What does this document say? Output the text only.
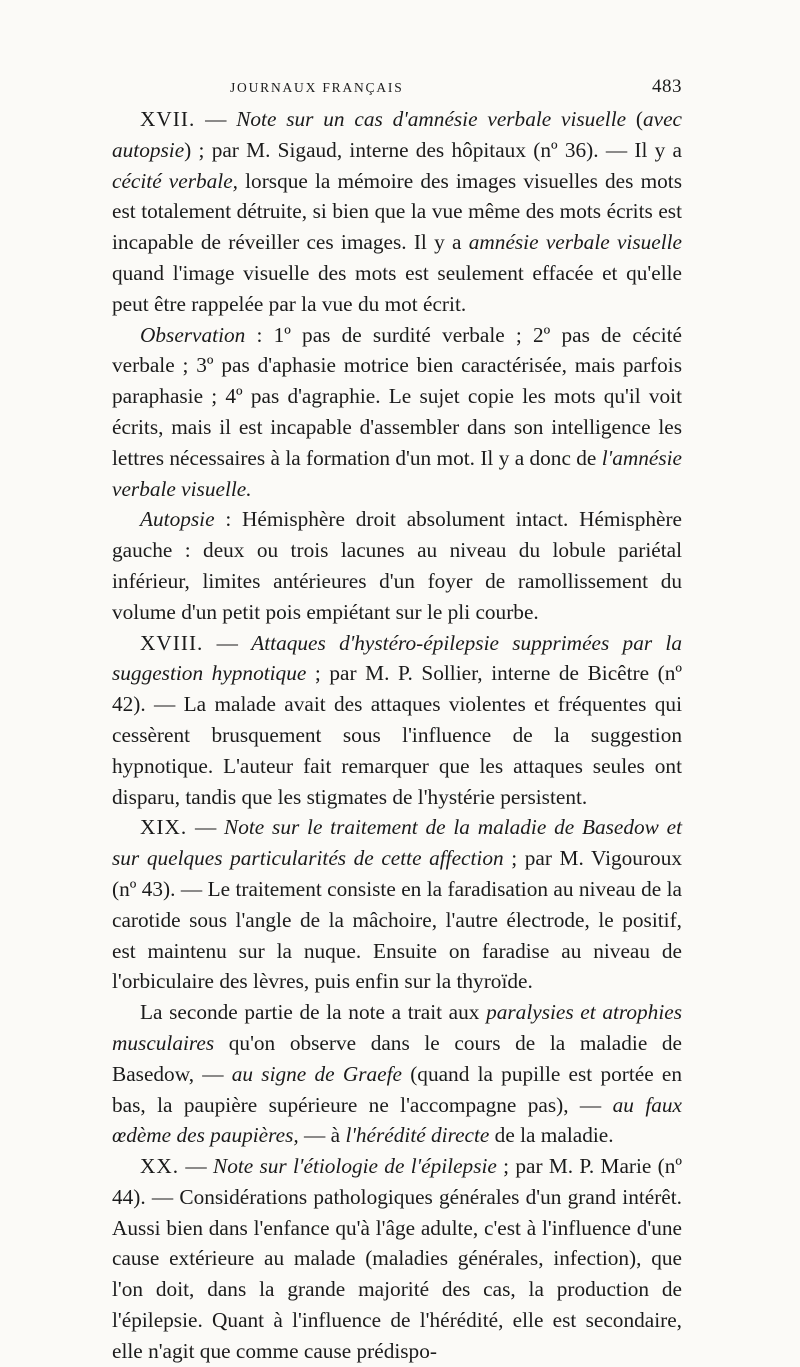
JOURNAUX FRANÇAIS	483

XVII. — Note sur un cas d'amnésie verbale visuelle (avec autopsie) ; par M. Sigaud, interne des hôpitaux (nº 36). — Il y a cécité verbale, lorsque la mémoire des images visuelles des mots est totalement détruite, si bien que la vue même des mots écrits est incapable de réveiller ces images. Il y a amnésie verbale visuelle quand l'image visuelle des mots est seulement effacée et qu'elle peut être rappelée par la vue du mot écrit.

Observation : 1º pas de surdité verbale ; 2º pas de cécité verbale ; 3º pas d'aphasie motrice bien caractérisée, mais parfois paraphasie ; 4º pas d'agraphie. Le sujet copie les mots qu'il voit écrits, mais il est incapable d'assembler dans son intelligence les lettres nécessaires à la formation d'un mot. Il y a donc de l'amnésie verbale visuelle.

Autopsie : Hémisphère droit absolument intact. Hémisphère gauche : deux ou trois lacunes au niveau du lobule pariétal inférieur, limites antérieures d'un foyer de ramollissement du volume d'un petit pois empiétant sur le pli courbe.

XVIII. — Attaques d'hystéro-épilepsie supprimées par la suggestion hypnotique ; par M. P. Sollier, interne de Bicêtre (nº 42). — La malade avait des attaques violentes et fréquentes qui cessèrent brusquement sous l'influence de la suggestion hypnotique. L'auteur fait remarquer que les attaques seules ont disparu, tandis que les stigmates de l'hystérie persistent.

XIX. — Note sur le traitement de la maladie de Basedow et sur quelques particularités de cette affection ; par M. Vigouroux (nº 43). — Le traitement consiste en la faradisation au niveau de la carotide sous l'angle de la mâchoire, l'autre électrode, le positif, est maintenu sur la nuque. Ensuite on faradise au niveau de l'orbiculaire des lèvres, puis enfin sur la thyroïde.

La seconde partie de la note a trait aux paralysies et atrophies musculaires qu'on observe dans le cours de la maladie de Basedow, — au signe de Graefe (quand la pupille est portée en bas, la paupière supérieure ne l'accompagne pas), — au faux œdème des paupières, — à l'hérédité directe de la maladie.

XX. — Note sur l'étiologie de l'épilepsie ; par M. P. Marie (nº 44). — Considérations pathologiques générales d'un grand intérêt. Aussi bien dans l'enfance qu'à l'âge adulte, c'est à l'influence d'une cause extérieure au malade (maladies générales, infection), que l'on doit, dans la grande majorité des cas, la production de l'épilepsie. Quant à l'influence de l'hérédité, elle est secondaire, elle n'agit que comme cause prédispo-
